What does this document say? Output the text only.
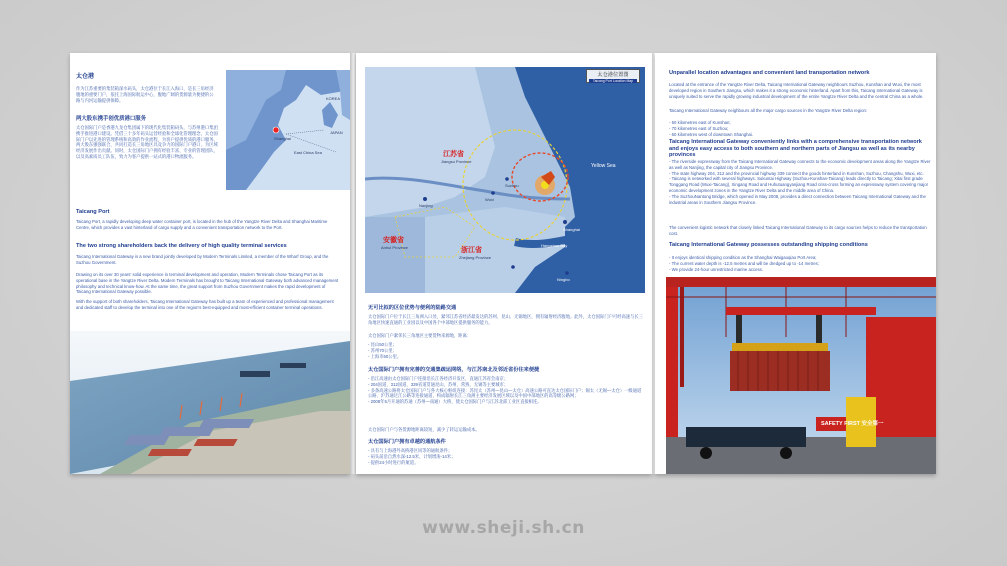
太仓港

作为江苏重要的集装箱深水码头，太仓港位于长江入海口，是长三角经济腹地的重要门户，依托上海国际航运中心，腹地广阔的货源量为便捷的公路与内河运输提供保障。

两大股东携手创优质港口服务

太仓国际门户是香港九龙仓集团属下的现代化集装箱码头，与苏州港口集团携手推进港口建设。凭借三十多年码头运营经验和全球化管理理念，太仓国际门户以先进的管理系统和高效的作业流程，为客户提供优质的港口服务。两大股东强强联合，共同打造长三角地区具竞争力的国际门户港口，为区域经济发展作出贡献。同时，太仓国际门户拥有经验丰富、专业的管理团队，以及高素质员工队伍，致力为客户提供一站式的港口物流服务。

KOREA
Shanghai
East China Sea
JAPAN
Taicang Port

Taicang Port, a rapidly developing deep water container port, is located in the hub of the Yangtze River Delta and Shanghai Maritime Centre, which provides a vast hinterland of cargo supply and a convenient transportation network to the Port.

The two strong shareholders back the delivery of high quality terminal services

Taicang International Gateway is a new brand jointly developed by Modern Terminals Limited, a member of the Wharf Group, and the Suzhou Government.

Drawing on its over 30 years' solid experience in terminal development and operation, Modern Terminals chose Taicang Port as its operational base in the Yangtze River Delta. Modern Terminals has brought to Taicang International Gateway both advanced management philosophy and technical know-how. At the same time, the great support from Suzhou Government makes the rapid development of Taicang International Gateway possible.

With the support of both shareholders, Taicang International Gateway has built up a team of experienced and professional management and dedicated staff to develop the terminal into one of the region's best-equipped and most-efficient container terminal operations.

江苏省
Jiangsu Province
安徽省
Anhui Province	浙江省
Zhejiang Province
Nanjing
Wuxi
Suzhou
Shanghai
Yellow Sea
Hangzhou Bay
Ningbo
太仓港位置图
Taicang Port Location Map
无可比拟的区位优势与便利的陆路交通

太仓国际门户位于长江三角洲入口处，紧邻江苏省经济最发达的苏州、昆山、无锡地区，拥有辐射经济腹地。此外，太仓国际门户可经高速与长三角地区快速直通的工业园以及中国各个中部地区提供服务的能力。

太仓国际门户紧邻长三角地区主要货物来源地，距离：

- 昆山50公里；
- 苏州70公里；
- 上海市60公里。
太仓国际门户拥有完善的交通集疏运网络，与江苏南北及邻近省份往来便捷
- 沿江高速由太仓国际门户连接沿长江各经济开发区，直通江苏省会南京；
- 204国道、312国道、339省道贯通昆山、苏州、常熟、无锡等主要城市；
- 多条高速公路将太仓国际门户与各大核心枢纽连接：苏昆太（苏州—昆山—太仓）高速公路可直达太仓国际门户；锡太（无锡—太仓）一级通道公路、沪苏通过江公路等连接通道，构成辐射长江三角洲主要经济发展区域以及中国中部地区的高等级公路网；
- 2008年5月开通的苏通（苏州—南通）大桥，使太仓国际门户与江苏北部工业区直接相连。

太仓国际门户与各货源地距离较短，减少了转运运输成本。

太仓国际门户拥有卓越的通航条件
- 具有与上海港外高桥港区同等的通航条件；
- 码头前沿自然水深-12.5米，计划增浚-14米；
- 提供24小时进行的航道。
Unparallel location advantages and convenient land transportation network

Located at the entrance of the Yangtze River Delta, Taicang International Gateway neighbours Suzhou, Kunshan and Wuxi, the most developed region in Southern Jiangsu, which makes it a strong economic hinterland. Apart from this, Taicang International Gateway is uniquely suited to serve the rapidly growing industrial development of the entire Yangtze River Delta and the central China as a whole.

Taicang International Gateway neighbours all the major cargo sources in the Yangtze River Delta region:

- 50 kilometres east of Kunshan;
- 70 kilometres east of Suzhou;
- 60 kilometres west of downtown Shanghai.
Taicang International Gateway conveniently links with a comprehensive transportation network and enjoys easy access to both southern and northern parts of Jiangsu as well as its nearby provinces
- The riverside expressway from the Taicang International Gateway connects to the economic development areas along the Yangtze River as well as Nanjing, the capital city of Jiangsu Province.
- The state highway 204, 312 and the provincial highway 339 connect the goods hinterland in Kunshan, Suzhou, Changshu, Wuxi, etc.
- Taicang is networked with several highways. Sukuntai Highway (Suzhou-Kunshan-Taicang) leads directly to Taicang; Xitai first grade Tonggang Road (Wuxi-Taicang), Xingang Road and Huhutuangyanjiang Road criss-cross forming an expressway system covering major economic development zones in the Yangtze River Delta and the middle area of China.
- The SuzhouNantong Bridge, which opened in May 2008, provides a direct connection between Taicang International Gateway and the industrial areas in Southern Jiangsu Province.

The convenient logistic network that closely linked Taicang International Gateway to its cargo sources helps to reduce the transportation cost.

Taicang International Gateway possesses outstanding shipping conditions
- It enjoys identical shipping condition as the Shanghai Waigaoqiao Port Area;
- The current water depth is -12.5 metres and will be dredged up to -14 metres;
- We provide 24-hour unrestricted marine access.
SAFETY FIRST 安全第一
www.sheji.sh.cn
